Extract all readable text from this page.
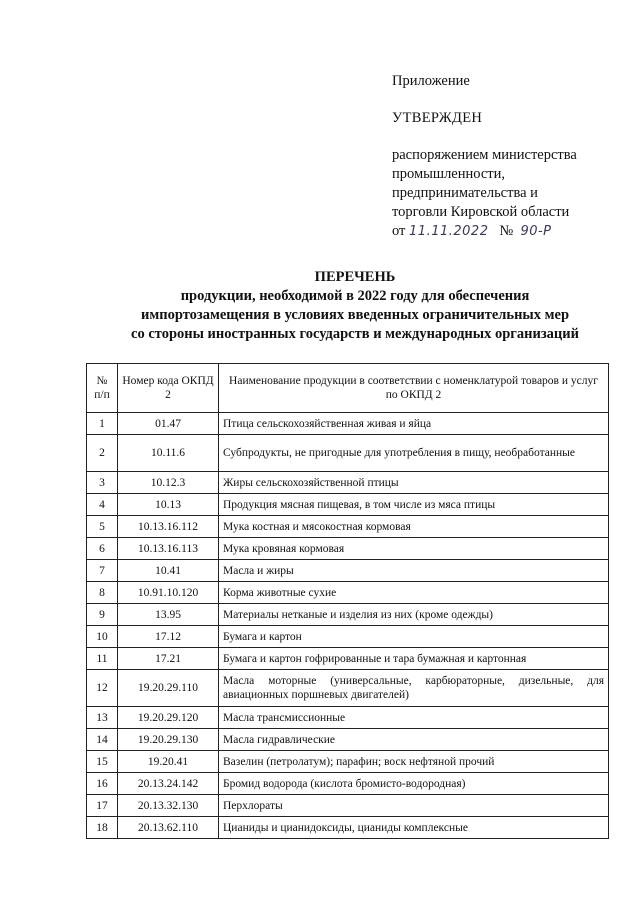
Приложение
УТВЕРЖДЕН
распоряжением министерства
промышленности,
предпринимательства и
торговли Кировской области
от 11.11.2022 № 90-Р
ПЕРЕЧЕНЬ
продукции, необходимой в 2022 году для обеспечения
импортозамещения в условиях введенных ограничительных мер
со стороны иностранных государств и международных организаций
№ п/п	Номер кода ОКПД 2	Наименование продукции в соответствии с номенклатурой товаров и услуг по ОКПД 2
1	01.47	Птица сельскохозяйственная живая и яйца
2	10.11.6	Субпродукты, не пригодные для употребления в пищу, необработанные
3	10.12.3	Жиры сельскохозяйственной птицы
4	10.13	Продукция мясная пищевая, в том числе из мяса птицы
5	10.13.16.112	Мука костная и мясокостная кормовая
6	10.13.16.113	Мука кровяная кормовая
7	10.41	Масла и жиры
8	10.91.10.120	Корма животные сухие
9	13.95	Материалы нетканые и изделия из них (кроме одежды)
10	17.12	Бумага и картон
11	17.21	Бумага и картон гофрированные и тара бумажная и картонная
12	19.20.29.110	Масла моторные (универсальные, карбюраторные, дизельные, для авиационных поршневых двигателей)
13	19.20.29.120	Масла трансмиссионные
14	19.20.29.130	Масла гидравлические
15	19.20.41	Вазелин (петролатум); парафин; воск нефтяной прочий
16	20.13.24.142	Бромид водорода (кислота бромисто-водородная)
17	20.13.32.130	Перхлораты
18	20.13.62.110	Цианиды и цианидоксиды, цианиды комплексные
